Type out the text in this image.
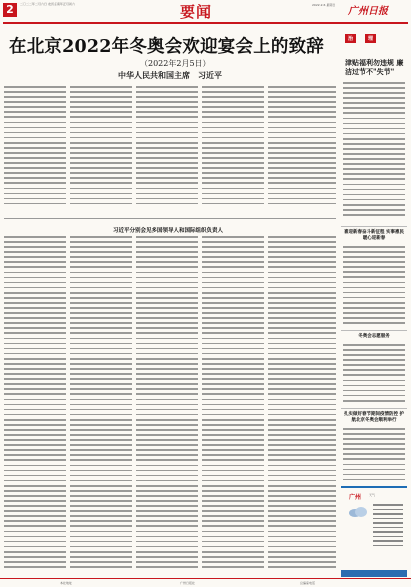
2	二〇二二年二月六日 农历壬寅年正月初六	要闻	2022.2.6 星期日
广州日报
在北京2022年冬奥会欢迎宴会上的致辞
（2022年2月5日）
中华人民共和国主席　习近平
习近平分别会见多国领导人和国际组织负责人
治	理
津贴福利勿违规 廉洁过节不"失节"
喜迎新春奋斗新征程 实事惠民暖心迎新春
冬奥会志愿服务
扎实做好春节期间疫情防控 护航北京冬奥会顺利举行
广州	天气
本社地址	广州日报社	总编室电话
